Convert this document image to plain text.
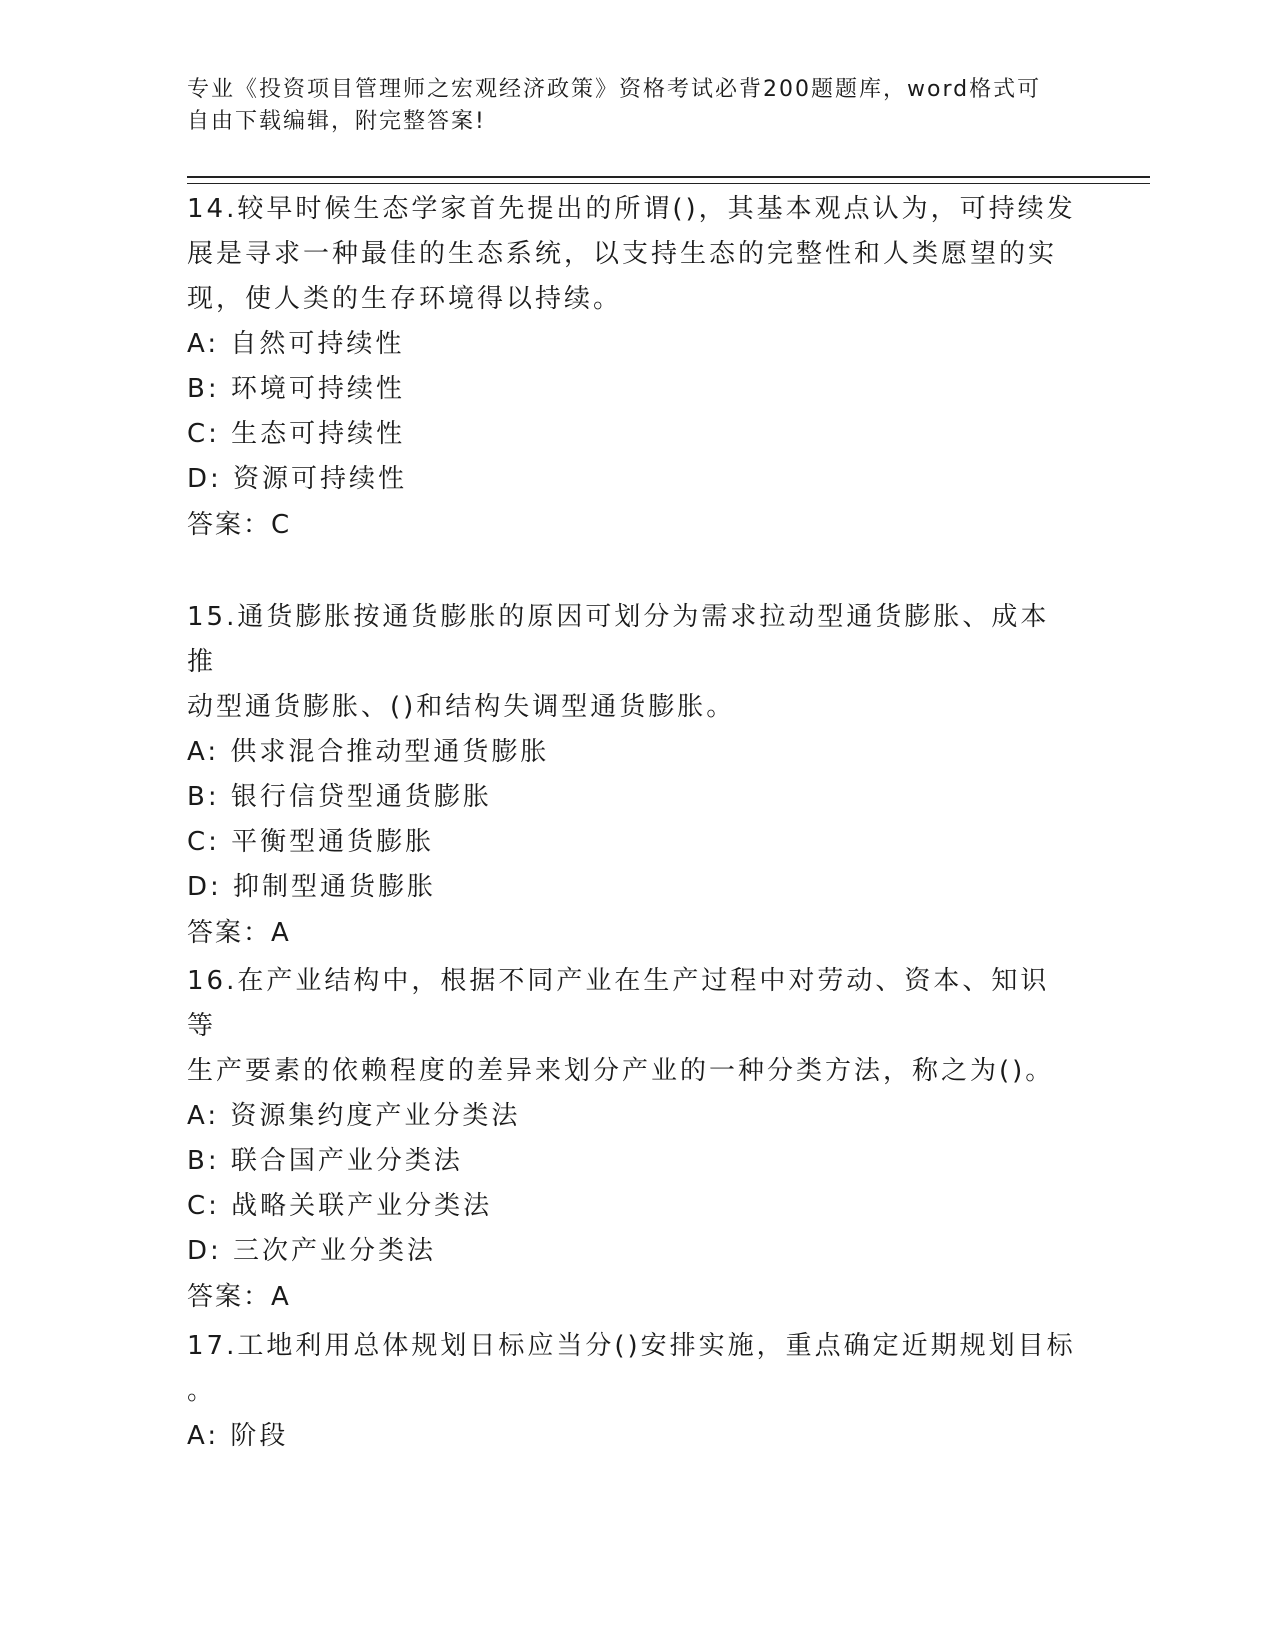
专业《投资项目管理师之宏观经济政策》资格考试必背200题题库，word格式可
自由下载编辑，附完整答案!

14.较早时候生态学家首先提出的所谓()，其基本观点认为，可持续发

展是寻求一种最佳的生态系统，以支持生态的完整性和人类愿望的实

现，使人类的生存环境得以持续。

A: 自然可持续性

B: 环境可持续性

C: 生态可持续性

D: 资源可持续性

答案：C

15.通货膨胀按通货膨胀的原因可划分为需求拉动型通货膨胀、成本推

动型通货膨胀、()和结构失调型通货膨胀。

A: 供求混合推动型通货膨胀

B: 银行信贷型通货膨胀

C: 平衡型通货膨胀

D: 抑制型通货膨胀

答案：A

16.在产业结构中，根据不同产业在生产过程中对劳动、资本、知识等

生产要素的依赖程度的差异来划分产业的一种分类方法，称之为()。

A: 资源集约度产业分类法

B: 联合国产业分类法

C: 战略关联产业分类法

D: 三次产业分类法

答案：A

17.工地利用总体规划日标应当分()安排实施，重点确定近期规划目标

。

A: 阶段
